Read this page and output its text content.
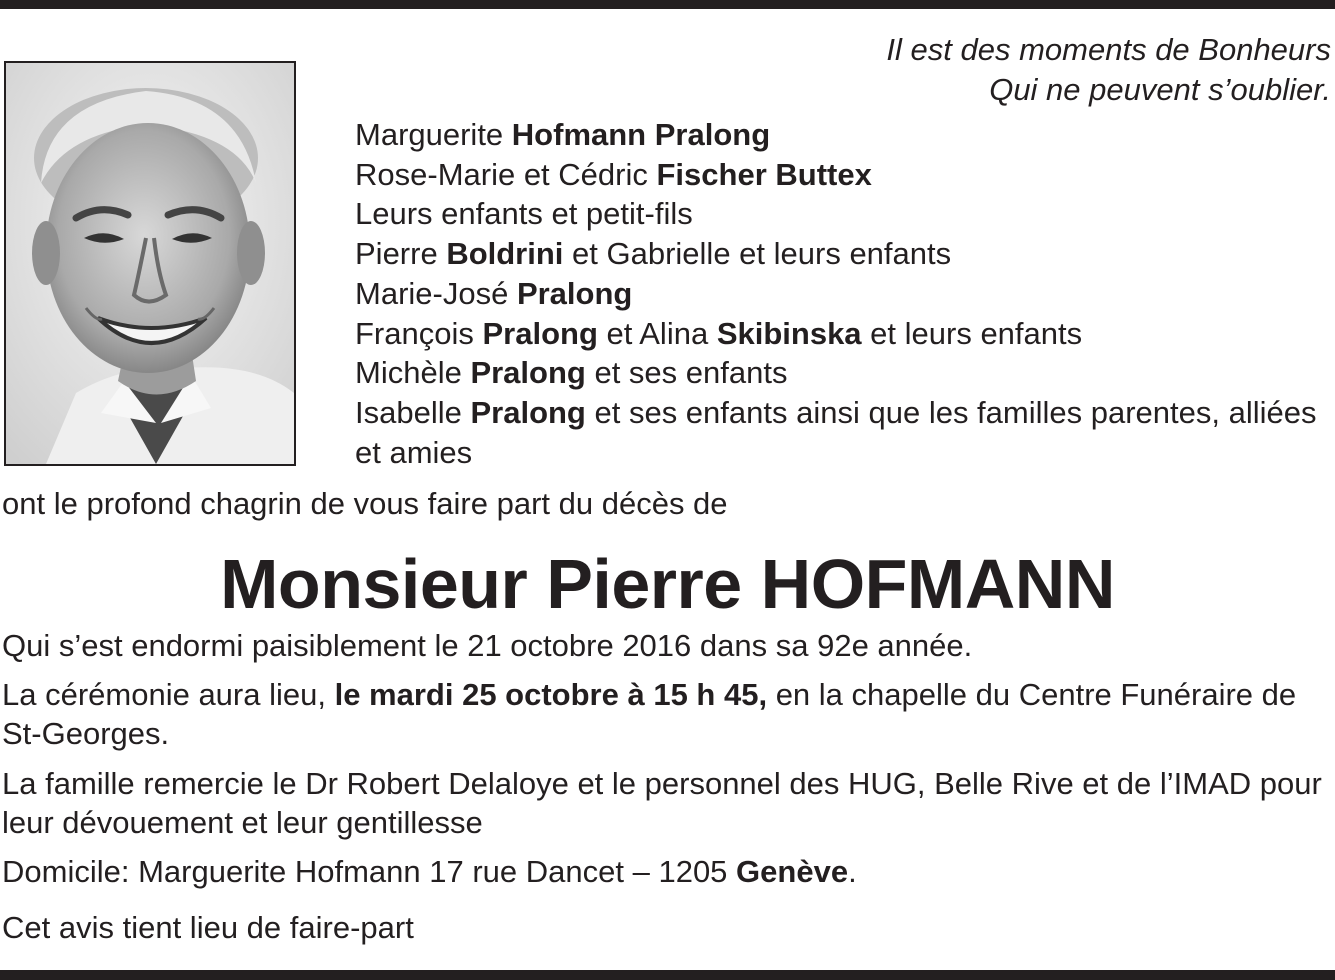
Il est des moments de Bonheurs
Qui ne peuvent s’oublier.
Marguerite Hofmann Pralong
Rose-Marie et Cédric Fischer Buttex
Leurs enfants et petit-fils
Pierre Boldrini et Gabrielle et leurs enfants
Marie-José Pralong
François Pralong et Alina Skibinska et leurs enfants
Michèle Pralong et ses enfants
Isabelle Pralong et ses enfants ainsi que les familles parentes, alliées et amies
ont le profond chagrin de vous faire part du décès de
Monsieur Pierre HOFMANN
Qui s’est endormi paisiblement le 21 octobre 2016 dans sa 92e année.
La cérémonie aura lieu, le mardi 25 octobre à 15 h 45, en la chapelle du Centre Funéraire de St-Georges.
La famille remercie le Dr Robert Delaloye et le personnel des HUG, Belle Rive et de l’IMAD pour leur dévouement et leur gentillesse
Domicile: Marguerite Hofmann 17 rue Dancet – 1205 Genève.
Cet avis tient lieu de faire-part
